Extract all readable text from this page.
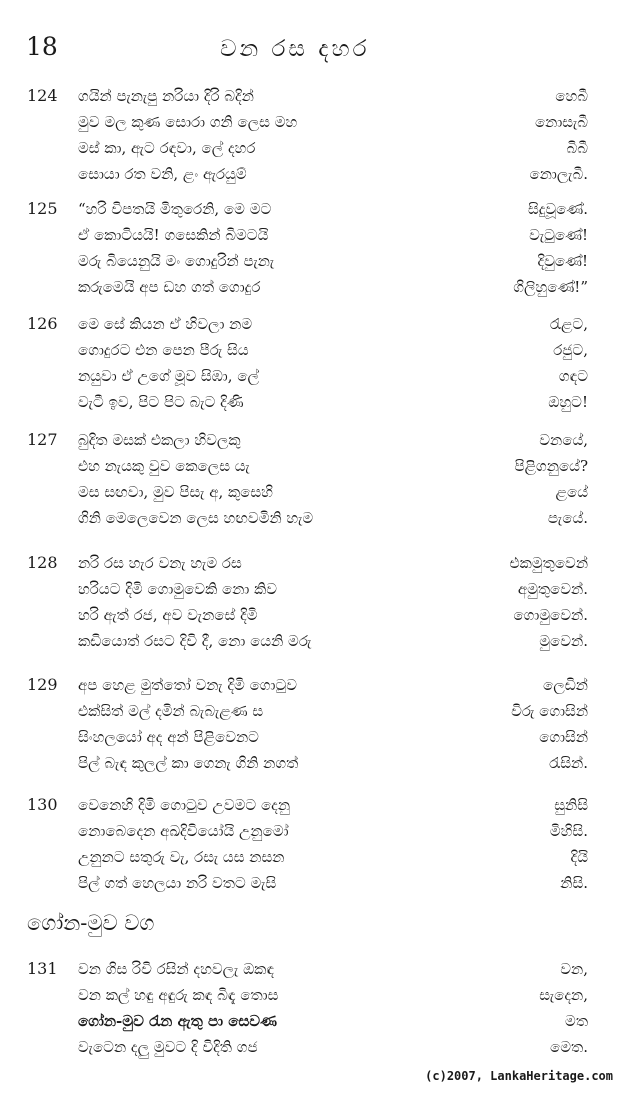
18	වන රස දහර
124 ගයින් පැනැපු නරියා දිරි බදින්	හෙබී
මුව මල කුණ සොරා ගනි ලෙස මහ	නොසැබී
මස් කා, ඇට රඳවා, ලේ දහර	බිබී
සොයා රත වනි, ළං ඇරයුම්	නොලැබී.
125 “හරි විපතයි මිතුරෙනි, මෙ මට	සිදුවූණේ.
ඒ කොටියයි! ගසෙකින් බිමටයි	වැටුණේ!
මරු බියෙනුයි මං ගොදුරින් පැනැ	දිවුණේ!
කරුමෙයි අප ඩහ ගත් ගොදුර	ගිලිහුණේ!”
126 මෙ සේ කියන ඒ හිවලා නම	රැළට,
ගොදුරට එන පෙන පීරු සිය	රජුට,
නයුවා ඒ උගේ මූව සිඹා, ලේ	ගඳට
වැටී ඉව, පිට පිට බැට දිණි	ඔහුට!
127 බුදිත මසක් එකලා හිවලකු	වනයේ,
එහ නැයකු වුව කෙලෙස යැ	පිළිගනුයේ?
මස සඟවා, මුව පිසැ අ, කුසෙහි	ළයේ
ගිනි මෙලෙවෙන ලෙස හඟවමිනි හැම	පැයේ.
128 නරි රස හැර වනැ හැම රස	එකමුතුවෙන්
හරියට දිමි ගොමුවෙකි නො කිව	අමුතුවෙන්.
හරි ඇත් රජ, අව වැනසේ දිමි	ගොමුවෙන්.
කඩියොත් රසට දිවි දී, නො යෙනි මරු	මුවෙන්.
129 අප හෙළ මුත්තෝ වනැ දිමි ගොටුව	ලෙඩින්
එක්සිත් මල් දමින් බැබැළණ ස	විරු ගොසින්
සිංහලයෝ අද අන් පිළිවෙනට	ගොසින්
පිල් බැඳ කුලල් කා ගෙනැ ගිනි නගත්	රැසින්.
130 වෙනෙහි දිමි ගොටුව උවමට දෙනු	සුනිසි
නොබෙදෙන අඛදිවියෝයි උනුමෝ	මිහිසි.
උනුනට සතුරු වැ, රසැ යස නසන	දියි
පිල් ගත් හෙලයා නරි වතට මැසි	නිසි.
ගෝන-මුව වග
131 වන ගිස රිවි රසින් දහවලැ ඔකඳ	වන,
වන කල් හඳු අඳුරු කඳ බිඳැ තොස	සැදෙන,
ගෝන-මුව රැන ඇතු පා සෙවණ	මත
වැටෙන දලු මුවට දි විදිති ගජ	මෙත.
(c)2007, LankaHeritage.com
